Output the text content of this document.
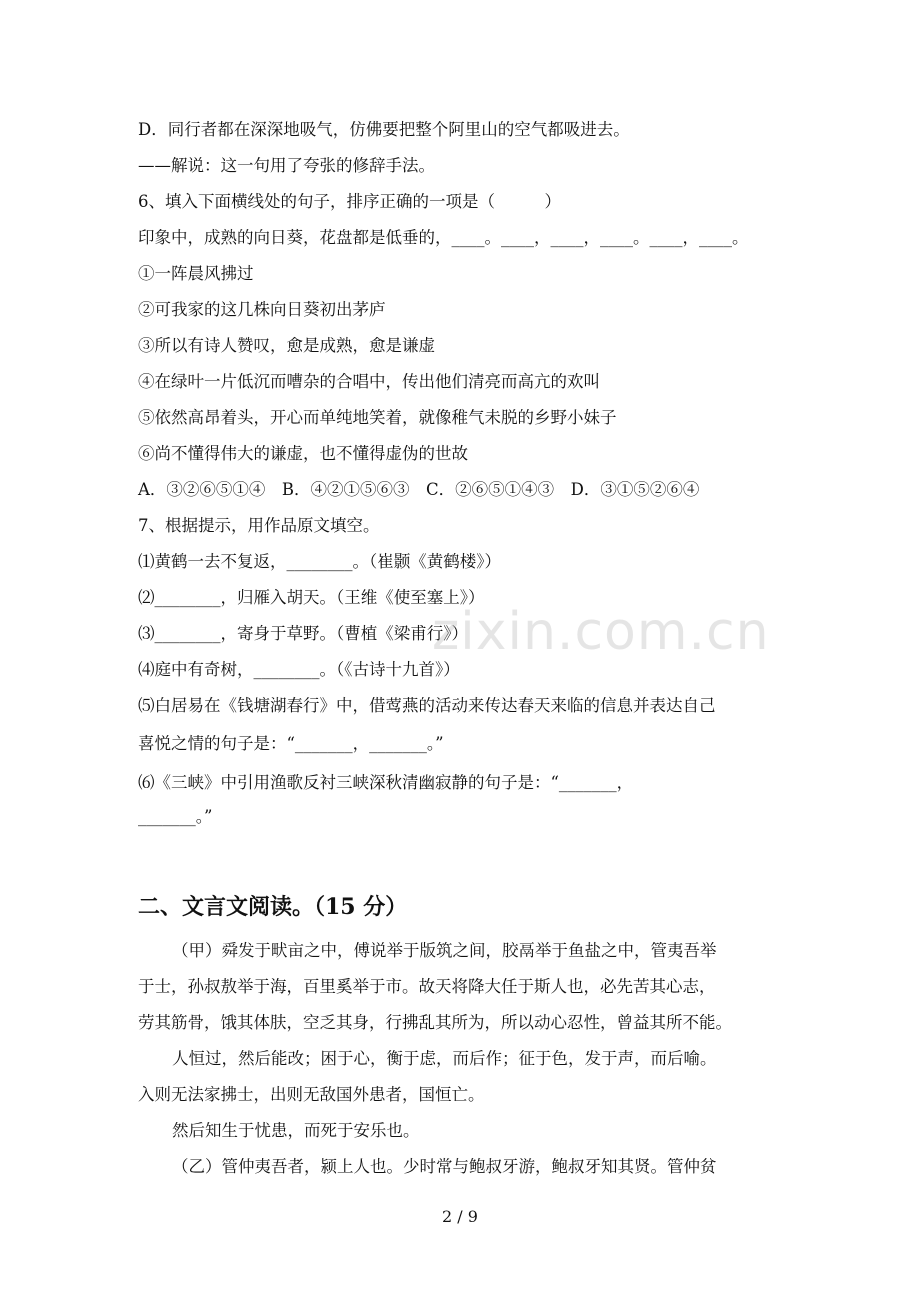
D．同行者都在深深地吸气，仿佛要把整个阿里山的空气都吸进去。
——解说：这一句用了夸张的修辞手法。
6、填入下面横线处的句子，排序正确的一项是（　　　）
印象中，成熟的向日葵，花盘都是低垂的，____。____，____，____。____，____。
①一阵晨风拂过
②可我家的这几株向日葵初出茅庐
③所以有诗人赞叹，愈是成熟，愈是谦虚
④在绿叶一片低沉而嘈杂的合唱中，传出他们清亮而高亢的欢叫
⑤依然高昂着头，开心而单纯地笑着，就像稚气未脱的乡野小妹子
⑥尚不懂得伟大的谦虚，也不懂得虚伪的世故
A．③②⑥⑤①④　B．④②①⑤⑥③　C．②⑥⑤①④③　D．③①⑤②⑥④
7、根据提示，用作品原文填空。
⑴黄鹤一去不复返，________。（崔颢《黄鹤楼》）
⑵________，归雁入胡天。（王维《使至塞上》）
⑶________，寄身于草野。（曹植《梁甫行》）
⑷庭中有奇树，________。（《古诗十九首》）
⑸白居易在《钱塘湖春行》中，借莺燕的活动来传达春天来临的信息并表达自己
喜悦之情的句子是：“_______，_______。”
⑹《三峡》中引用渔歌反衬三峡深秋清幽寂静的句子是：“_______，
_______。”
二、文言文阅读。（15 分）
（甲）舜发于畎亩之中，傅说举于版筑之间，胶鬲举于鱼盐之中，管夷吾举
于士，孙叔敖举于海，百里奚举于市。故天将降大任于斯人也，必先苦其心志，
劳其筋骨，饿其体肤，空乏其身，行拂乱其所为，所以动心忍性，曾益其所不能。
人恒过，然后能改；困于心，衡于虑，而后作；征于色，发于声，而后喻。
入则无法家拂士，出则无敌国外患者，国恒亡。
然后知生于忧患，而死于安乐也。
（乙）管仲夷吾者，颍上人也。少时常与鲍叔牙游，鲍叔牙知其贤。管仲贫
zixin.com.cn
2 / 9
